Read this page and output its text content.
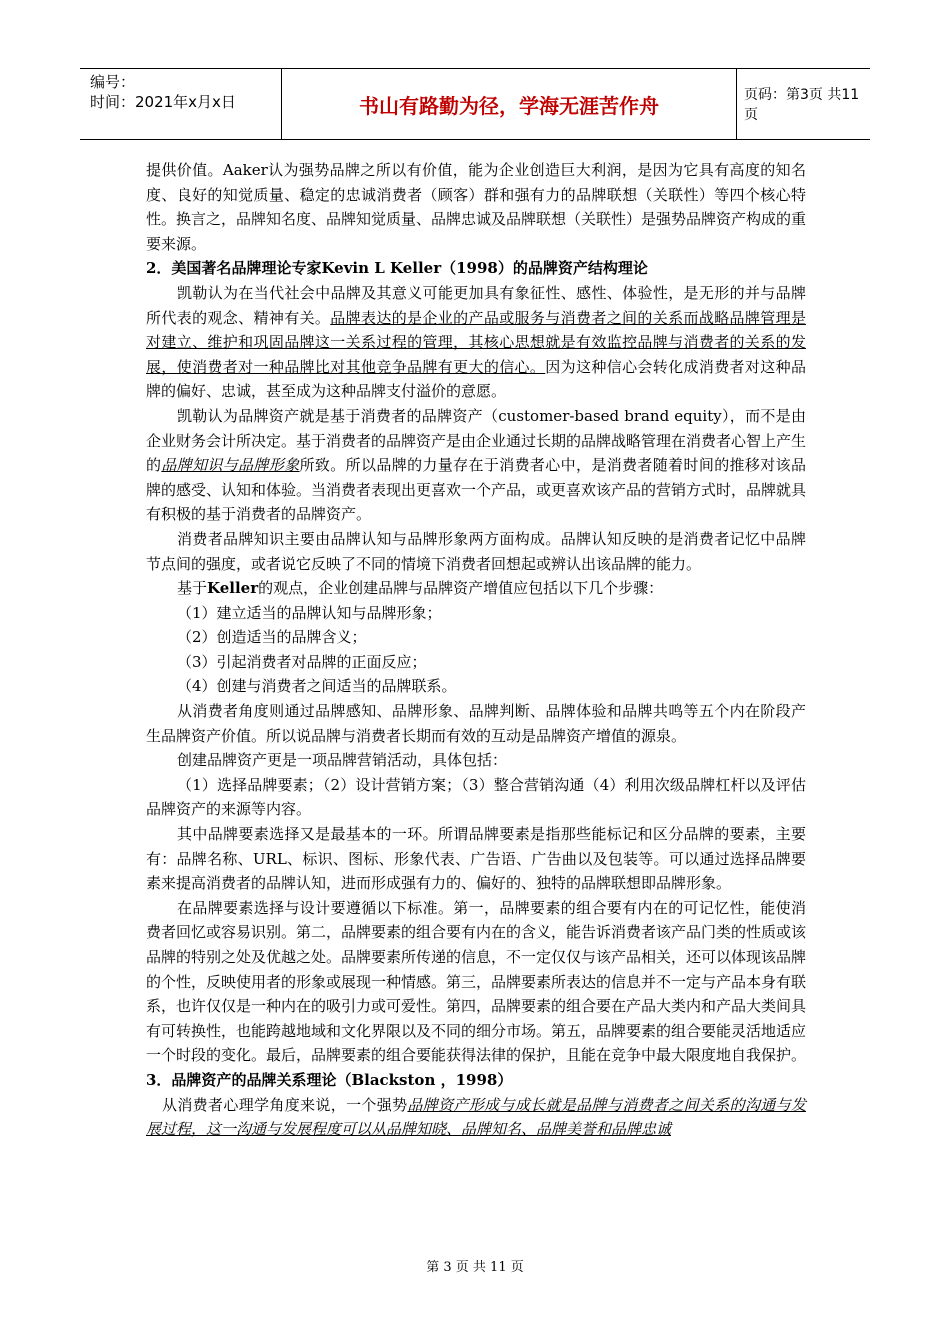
编号：
时间：2021年x月x日	书山有路勤为径，学海无涯苦作舟	页码：第3页 共11页

提供价值。Aaker认为强势品牌之所以有价值，能为企业创造巨大利润，是因为它具有高度的知名度、良好的知觉质量、稳定的忠诚消费者（顾客）群和强有力的品牌联想（关联性）等四个核心特性。换言之，品牌知名度、品牌知觉质量、品牌忠诚及品牌联想（关联性）是强势品牌资产构成的重要来源。

2．美国著名品牌理论专家Kevin L Keller（1998）的品牌资产结构理论

凯勒认为在当代社会中品牌及其意义可能更加具有象征性、感性、体验性，是无形的并与品牌所代表的观念、精神有关。品牌表达的是企业的产品或服务与消费者之间的关系而战略品牌管理是对建立、维护和巩固品牌这一关系过程的管理，其核心思想就是有效监控品牌与消费者的关系的发展，使消费者对一种品牌比对其他竞争品牌有更大的信心。因为这种信心会转化成消费者对这种品牌的偏好、忠诚，甚至成为这种品牌支付溢价的意愿。

凯勒认为品牌资产就是基于消费者的品牌资产（customer-based brand equity），而不是由企业财务会计所决定。基于消费者的品牌资产是由企业通过长期的品牌战略管理在消费者心智上产生的品牌知识与品牌形象所致。所以品牌的力量存在于消费者心中，是消费者随着时间的推移对该品牌的感受、认知和体验。当消费者表现出更喜欢一个产品，或更喜欢该产品的营销方式时，品牌就具有积极的基于消费者的品牌资产。

消费者品牌知识主要由品牌认知与品牌形象两方面构成。品牌认知反映的是消费者记忆中品牌节点间的强度，或者说它反映了不同的情境下消费者回想起或辨认出该品牌的能力。

基于Keller的观点，企业创建品牌与品牌资产增值应包括以下几个步骤：

（1）建立适当的品牌认知与品牌形象；

（2）创造适当的品牌含义；

（3）引起消费者对品牌的正面反应；

（4）创建与消费者之间适当的品牌联系。

从消费者角度则通过品牌感知、品牌形象、品牌判断、品牌体验和品牌共鸣等五个内在阶段产生品牌资产价值。所以说品牌与消费者长期而有效的互动是品牌资产增值的源泉。

创建品牌资产更是一项品牌营销活动，具体包括：

（1）选择品牌要素；（2）设计营销方案；（3）整合营销沟通（4）利用次级品牌杠杆以及评估品牌资产的来源等内容。

其中品牌要素选择又是最基本的一环。所谓品牌要素是指那些能标记和区分品牌的要素，主要有：品牌名称、URL、标识、图标、形象代表、广告语、广告曲以及包装等。可以通过选择品牌要素来提高消费者的品牌认知，进而形成强有力的、偏好的、独特的品牌联想即品牌形象。

在品牌要素选择与设计要遵循以下标准。第一，品牌要素的组合要有内在的可记忆性，能使消费者回忆或容易识别。第二，品牌要素的组合要有内在的含义，能告诉消费者该产品门类的性质或该品牌的特别之处及优越之处。品牌要素所传递的信息，不一定仅仅与该产品相关，还可以体现该品牌的个性，反映使用者的形象或展现一种情感。第三，品牌要素所表达的信息并不一定与产品本身有联系，也许仅仅是一种内在的吸引力或可爱性。第四，品牌要素的组合要在产品大类内和产品大类间具有可转换性，也能跨越地域和文化界限以及不同的细分市场。第五，品牌要素的组合要能灵活地适应一个时段的变化。最后，品牌要素的组合要能获得法律的保护，且能在竞争中最大限度地自我保护。

3．品牌资产的品牌关系理论（Blackston ，1998）

从消费者心理学角度来说，一个强势品牌资产形成与成长就是品牌与消费者之间关系的沟通与发展过程，这一沟通与发展程度可以从品牌知晓、品牌知名、品牌美誉和品牌忠诚

第 3 页 共 11 页
